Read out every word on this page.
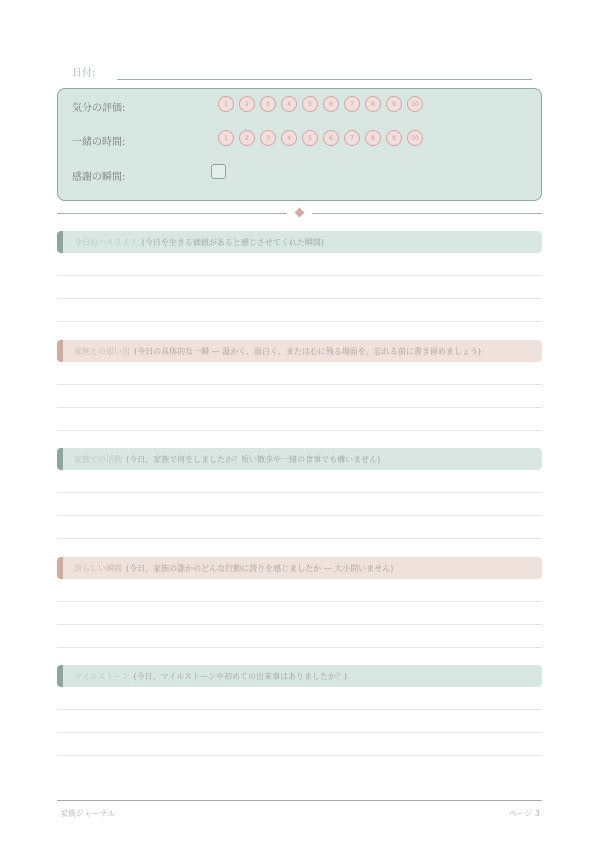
日付:
気分の評価:	1	2	3	4	5	6	7	8	9	10
一緒の時間:	1	2	3	4	5	6	7	8	9	10
感謝の瞬間:
今日のハイライト (今日を生きる価値があると感じさせてくれた瞬間)
家族との思い出 (今日の具体的な一瞬 — 温かく、面白く、または心に残る場面を、忘れる前に書き留めましょう)
家族での活動 (今日、家族で何をしましたか？短い散歩や一緒の食事でも構いません)
誇らしい瞬間 (今日、家族の誰かのどんな行動に誇りを感じましたか — 大小問いません)
マイルストーン (今日、マイルストーンや初めての出来事はありましたか？)
家族ジャーナル	ページ 3
